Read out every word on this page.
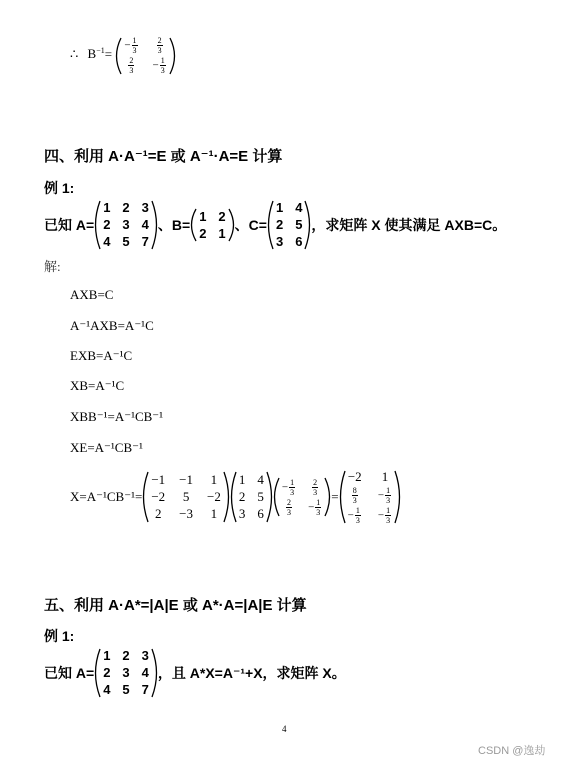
∴ $B^{-1}=$
− $\frac{1}{3} \frac{2}{3}$
$\frac{2}{3} - \frac{1}{3}$
四、利用 A·A⁻¹=E 或 A⁻¹·A=E 计算
例 1:
已知 A=
1 2 3
2 3 4
4 5 7
、B=
1 2
2 1 、C=
1 4
2 5
3 6
，求矩阵 X 使其满足 AXB=C。
解:
AXB=C
A⁻¹AXB=A⁻¹C
EXB=A⁻¹C
XB=A⁻¹C
XBB⁻¹=A⁻¹CB⁻¹
XE=A⁻¹CB⁻¹
X=A⁻¹CB⁻¹=
−1 −1 1
−2 5 −2
2 −3 1
1 4
2 5
3 6
− $\frac{1}{3} \frac{2}{3}$
$\frac{2}{3} - \frac{1}{3}$
=
−2 1
$\frac{8}{3} - \frac{1}{3}$
− $\frac{1}{3} - \frac{1}{3}$
五、利用 A·A*=|A|E 或 A*·A=|A|E 计算
例 1:
已知 A=
1 2 3
2 3 4
4 5 7
，且 A*X=A⁻¹+X，求矩阵 X。
4
CSDN @逸劫
